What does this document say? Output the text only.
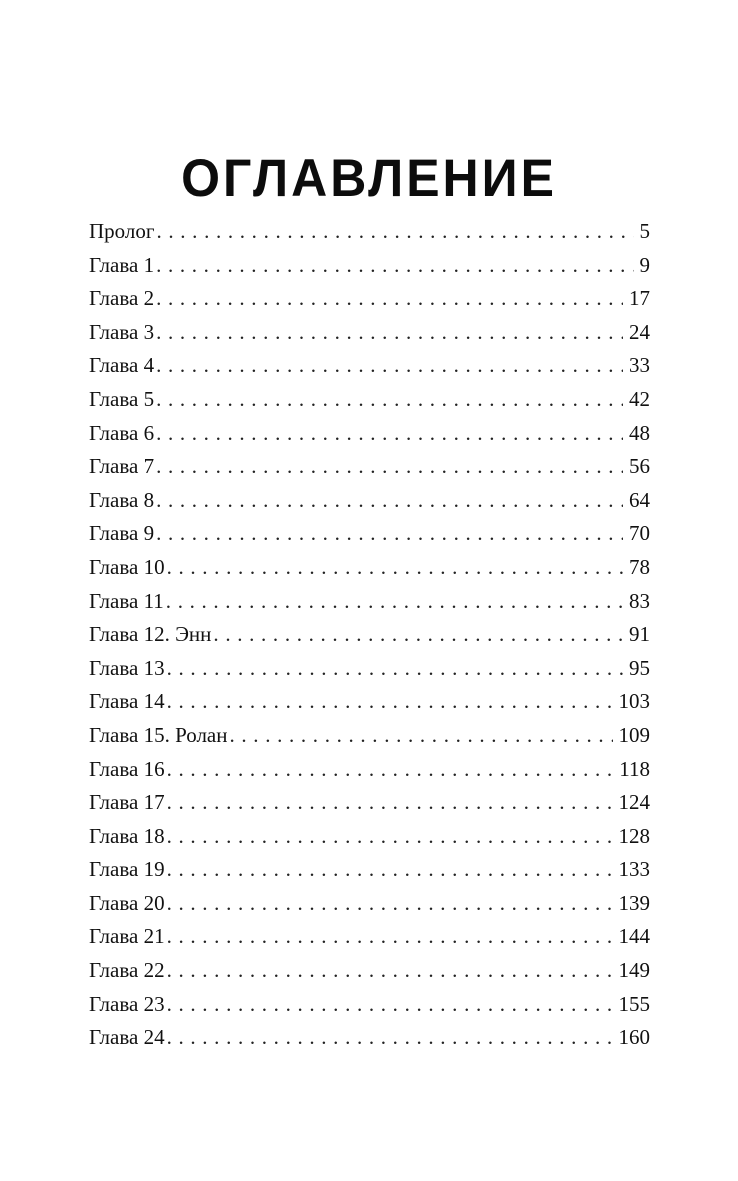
ОГЛАВЛЕНИЕ
Пролог . . .	5
Глава 1 . . .	9
Глава 2 . . .	17
Глава 3 . . .	24
Глава 4 . . .	33
Глава 5 . . .	42
Глава 6 . . .	48
Глава 7 . . .	56
Глава 8 . . .	64
Глава 9 . . .	70
Глава 10 . . .	78
Глава 11 . . .	83
Глава 12. Энн . . .	91
Глава 13 . . .	95
Глава 14 . . .	103
Глава 15. Ролан . . .	109
Глава 16 . . .	118
Глава 17 . . .	124
Глава 18 . . .	128
Глава 19 . . .	133
Глава 20 . . .	139
Глава 21 . . .	144
Глава 22 . . .	149
Глава 23 . . .	155
Глава 24 . . .	160
